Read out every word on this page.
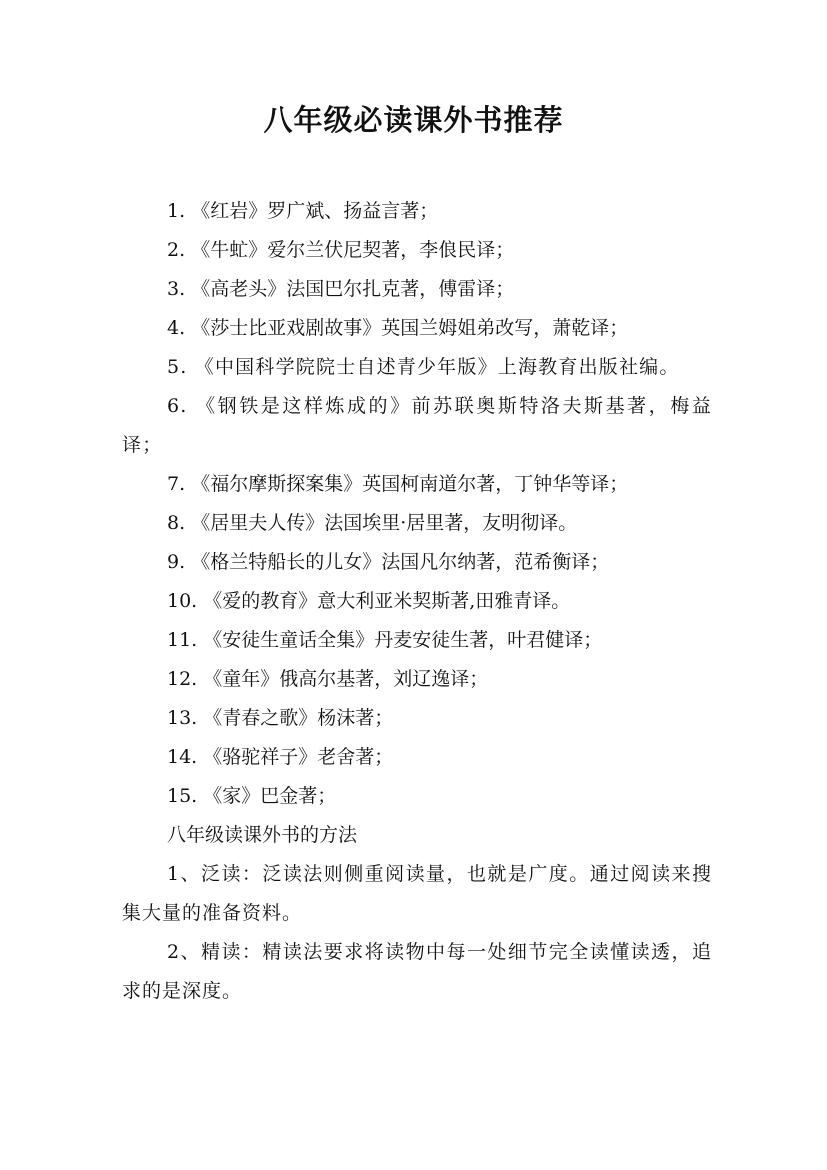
八年级必读课外书推荐
1. 《红岩》罗广斌、扬益言著；
2. 《牛虻》爱尔兰伏尼契著，李俍民译；
3. 《高老头》法国巴尔扎克著，傅雷译；
4. 《莎士比亚戏剧故事》英国兰姆姐弟改写，萧乾译；
5. 《中国科学院院士自述青少年版》上海教育出版社编。
6. 《钢铁是这样炼成的》前苏联奥斯特洛夫斯基著，梅益译；
7. 《福尔摩斯探案集》英国柯南道尔著，丁钟华等译；
8. 《居里夫人传》法国埃里·居里著，友明彻译。
9. 《格兰特船长的儿女》法国凡尔纳著，范希衡译；
10. 《爱的教育》意大利亚米契斯著,田雅青译。
11. 《安徒生童话全集》丹麦安徒生著，叶君健译；
12. 《童年》俄高尔基著，刘辽逸译；
13. 《青春之歌》杨沫著；
14. 《骆驼祥子》老舍著；
15. 《家》巴金著；
八年级读课外书的方法
1、泛读：泛读法则侧重阅读量，也就是广度。通过阅读来搜集大量的准备资料。
2、精读：精读法要求将读物中每一处细节完全读懂读透，追求的是深度。
